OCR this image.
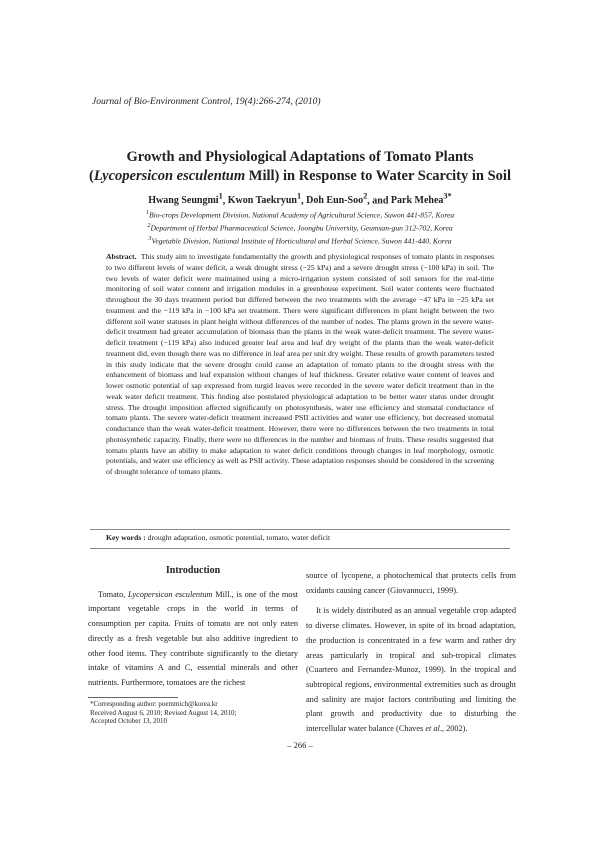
Journal of Bio-Environment Control, 19(4):266-274, (2010)
Growth and Physiological Adaptations of Tomato Plants
(Lycopersicon esculentum Mill) in Response to Water Scarcity in Soil
Hwang Seungmi$^1$, Kwon Taekryun$^1$, Doh Eun-Soo$^2$, and Park Mehea$^{3*}$
$^1$Bio-crops Development Division, National Academy of Agricultural Science, Suwon 441-857, Korea
$^2$Department of Herbal Pharmaceutical Science, Joongbu University, Geumsan-gun 312-702, Korea
$^3$Vegetable Division, National Institute of Horticultural and Herbal Science, Suwon 441-440, Korea
Abstract. This study aim to investigate fundamentally the growth and physiological responses of tomato plants in responses to two different levels of water deficit, a weak drought stress (−25 kPa) and a severe drought stress (−100 kPa) in soil. The two levels of water deficit were maintained using a micro-irrigation system consisted of soil sensors for the real-time monitoring of soil water content and irrigation modules in a greenhouse experiment. Soil water contents were fluctuated throughout the 30 days treatment period but differed between the two treatments with the average −47 kPa in −25 kPa set treatment and the −119 kPa in −100 kPa set treatment. There were significant differences in plant height between the two different soil water statuses in plant height without differences of the number of nodes. The plants grown in the severe water-deficit treatment had greater accumulation of biomass than the plants in the weak water-deficit treatment. The severe water-deficit treatment (−119 kPa) also induced greater leaf area and leaf dry weight of the plants than the weak water-deficit treatment did, even though there was no difference in leaf area per unit dry weight. These results of growth parameters tested in this study indicate that the severe drought could cause an adaptation of tomato plants to the drought stress with the enhancement of biomass and leaf expansion without changes of leaf thickness. Greater relative water content of leaves and lower osmotic potential of sap expressed from turgid leaves were recorded in the severe water deficit treatment than in the weak water deficit treatment. This finding also postulated physiological adaptation to be better water status under drought stress. The drought imposition affected significantly on photosynthesis, water use efficiency and stomatal conductance of tomato plants. The severe water-deficit treatment increased PSII activities and water use efficiency, but decreased stomatal conductance than the weak water-deficit treatment. However, there were no differences between the two treatments in total photosynthetic capacity. Finally, there were no differences in the number and biomass of fruits. These results suggested that tomato plants have an ability to make adaptation to water deficit conditions through changes in leaf morphology, osmotic potentials, and water use efficiency as well as PSII activity. These adaptation responses should be considered in the screening of drought tolerance of tomato plants.
Key words : drought adaptation, osmotic potential, tomato, water deficit
Introduction

Tomato, Lycopersicon esculentum Mill., is one of the most important vegetable crops in the world in terms of consumption per capita. Fruits of tomato are not only eaten directly as a fresh vegetable but also additive ingredient to other food items. They contribute significantly to the dietary intake of vitamins A and C, essential minerals and other nutrients. Furthermore, tomatoes are the richest

source of lycopene, a photochemical that protects cells from oxidants causing cancer (Giovannucci, 1999).

It is widely distributed as an annual vegetable crop adapted to diverse climates. However, in spite of its broad adaptation, the production is concentrated in a few warm and rather dry areas particularly in tropical and sub-tropical climates (Cuartero and Fernandez-Munoz, 1999). In the tropical and subtropical regions, environmental extremities such as drought and salinity are major factors contributing and limiting the plant growth and productivity due to disturbing the intercellular water balance (Chaves et al., 2002).

*Corresponding author: poemmich@korea.kr
Received August 6, 2010; Revised August 14, 2010;
Accepted October 13, 2010
– 266 –
